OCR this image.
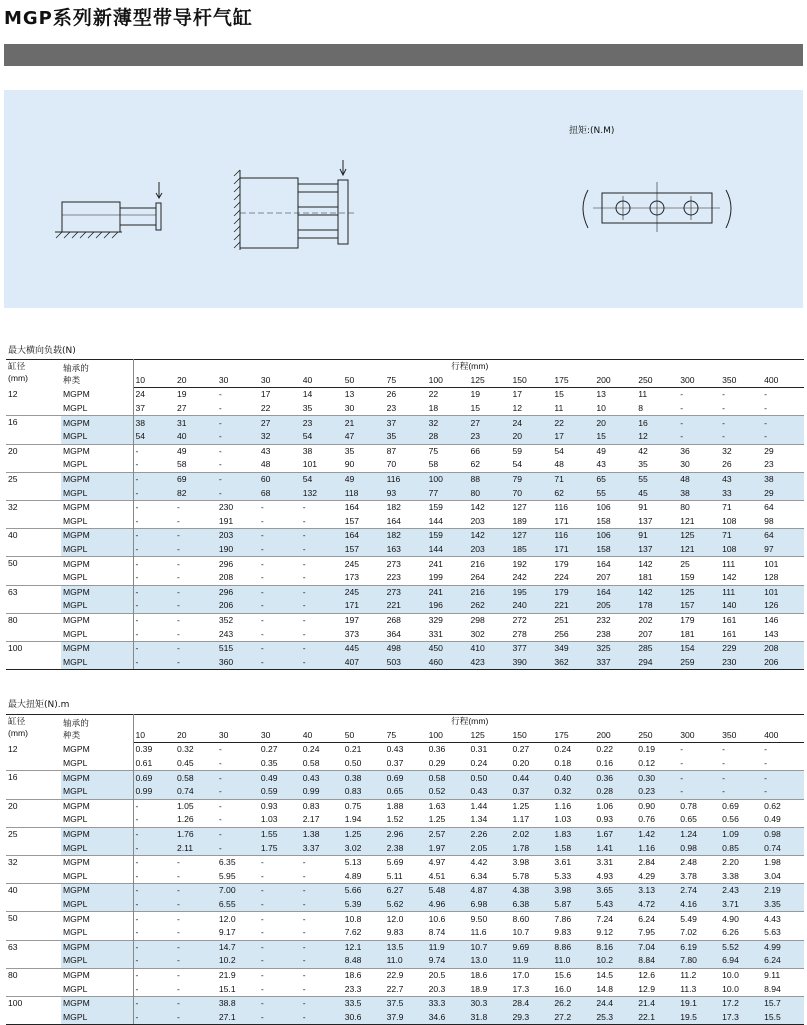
MGP系列新薄型带导杆气缸
扭矩:(N.M)
最大横向负载(N)
缸径
(mm)	轴承的
种类	行程(mm)															
		10	20	30	30	40	50	75	100	125	150	175	200	250	300	350	400
12	MGPM	24	19	-	17	14	13	26	22	19	17	15	13	11	-	-	-
	MGPL	37	27	-	22	35	30	23	18	15	12	11	10	8	-	-	-
16	MGPM	38	31	-	27	23	21	37	32	27	24	22	20	16	-	-	-
	MGPL	54	40	-	32	54	47	35	28	23	20	17	15	12	-	-	-
20	MGPM	-	49	-	43	38	35	87	75	66	59	54	49	42	36	32	29
	MGPL	-	58	-	48	101	90	70	58	62	54	48	43	35	30	26	23
25	MGPM	-	69	-	60	54	49	116	100	88	79	71	65	55	48	43	38
	MGPL	-	82	-	68	132	118	93	77	80	70	62	55	45	38	33	29
32	MGPM	-	-	230	-	-	164	182	159	142	127	116	106	91	80	71	64
	MGPL	-	-	191	-	-	157	164	144	203	189	171	158	137	121	108	98
40	MGPM	-	-	203	-	-	164	182	159	142	127	116	106	91	125	71	64
	MGPL	-	-	190	-	-	157	163	144	203	185	171	158	137	121	108	97
50	MGPM	-	-	296	-	-	245	273	241	216	192	179	164	142	25	111	101
	MGPL	-	-	208	-	-	173	223	199	264	242	224	207	181	159	142	128
63	MGPM	-	-	296	-	-	245	273	241	216	195	179	164	142	125	111	101
	MGPL	-	-	206	-	-	171	221	196	262	240	221	205	178	157	140	126
80	MGPM	-	-	352	-	-	197	268	329	298	272	251	232	202	179	161	146
	MGPL	-	-	243	-	-	373	364	331	302	278	256	238	207	181	161	143
100	MGPM	-	-	515	-	-	445	498	450	410	377	349	325	285	154	229	208
	MGPL	-	-	360	-	-	407	503	460	423	390	362	337	294	259	230	206
最大扭矩(N).m
缸径
(mm)	轴承的
种类	行程(mm)															
		10	20	30	30	40	50	75	100	125	150	175	200	250	300	350	400
12	MGPM	0.39	0.32	-	0.27	0.24	0.21	0.43	0.36	0.31	0.27	0.24	0.22	0.19	-	-	-
	MGPL	0.61	0.45	-	0.35	0.58	0.50	0.37	0.29	0.24	0.20	0.18	0.16	0.12	-	-	-
16	MGPM	0.69	0.58	-	0.49	0.43	0.38	0.69	0.58	0.50	0.44	0.40	0.36	0.30	-	-	-
	MGPL	0.99	0.74	-	0.59	0.99	0.83	0.65	0.52	0.43	0.37	0.32	0.28	0.23	-	-	-
20	MGPM	-	1.05	-	0.93	0.83	0.75	1.88	1.63	1.44	1.25	1.16	1.06	0.90	0.78	0.69	0.62
	MGPL	-	1.26	-	1.03	2.17	1.94	1.52	1.25	1.34	1.17	1.03	0.93	0.76	0.65	0.56	0.49
25	MGPM	-	1.76	-	1.55	1.38	1.25	2.96	2.57	2.26	2.02	1.83	1.67	1.42	1.24	1.09	0.98
	MGPL	-	2.11	-	1.75	3.37	3.02	2.38	1.97	2.05	1.78	1.58	1.41	1.16	0.98	0.85	0.74
32	MGPM	-	-	6.35	-	-	5.13	5.69	4.97	4.42	3.98	3.61	3.31	2.84	2.48	2.20	1.98
	MGPL	-	-	5.95	-	-	4.89	5.11	4.51	6.34	5.78	5.33	4.93	4.29	3.78	3.38	3.04
40	MGPM	-	-	7.00	-	-	5.66	6.27	5.48	4.87	4.38	3.98	3.65	3.13	2.74	2.43	2.19
	MGPL	-	-	6.55	-	-	5.39	5.62	4.96	6.98	6.38	5.87	5.43	4.72	4.16	3.71	3.35
50	MGPM	-	-	12.0	-	-	10.8	12.0	10.6	9.50	8.60	7.86	7.24	6.24	5.49	4.90	4.43
	MGPL	-	-	9.17	-	-	7.62	9.83	8.74	11.6	10.7	9.83	9.12	7.95	7.02	6.26	5.63
63	MGPM	-	-	14.7	-	-	12.1	13.5	11.9	10.7	9.69	8.86	8.16	7.04	6.19	5.52	4.99
	MGPL	-	-	10.2	-	-	8.48	11.0	9.74	13.0	11.9	11.0	10.2	8.84	7.80	6.94	6.24
80	MGPM	-	-	21.9	-	-	18.6	22.9	20.5	18.6	17.0	15.6	14.5	12.6	11.2	10.0	9.11
	MGPL	-	-	15.1	-	-	23.3	22.7	20.3	18.9	17.3	16.0	14.8	12.9	11.3	10.0	8.94
100	MGPM	-	-	38.8	-	-	33.5	37.5	33.3	30.3	28.4	26.2	24.4	21.4	19.1	17.2	15.7
	MGPL	-	-	27.1	-	-	30.6	37.9	34.6	31.8	29.3	27.2	25.3	22.1	19.5	17.3	15.5
